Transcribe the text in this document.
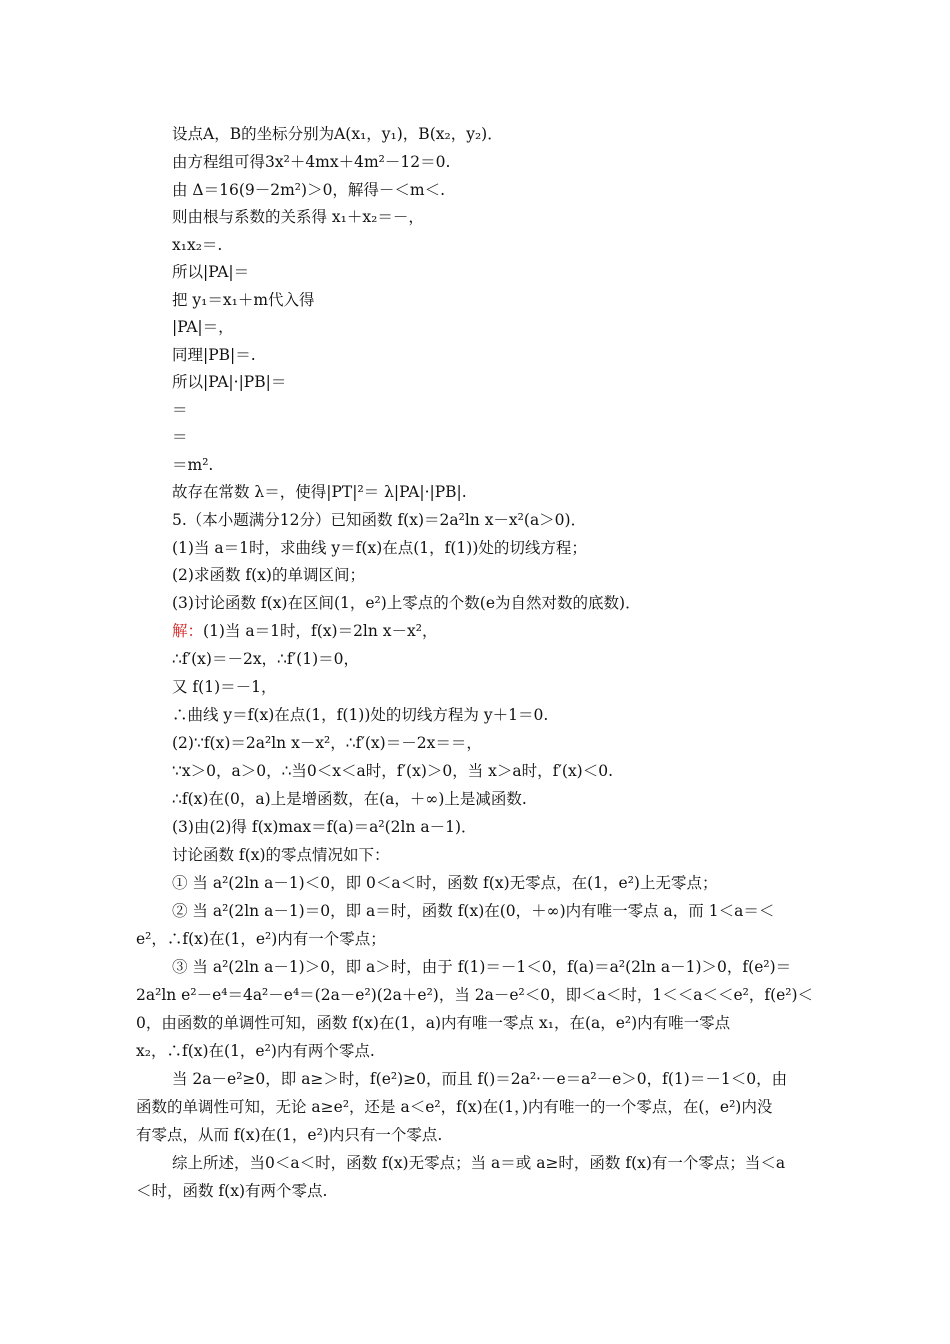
设点A，B的坐标分别为A(x₁，y₁)，B(x₂，y₂)．
由方程组可得3x²＋4mx＋4m²－12＝0.
由 Δ＝16(9－2m²)＞0，解得－＜m＜.
则由根与系数的关系得 x₁＋x₂＝－，
x₁x₂＝.
所以|PA|＝
把 y₁＝x₁＋m代入得
|PA|＝，
同理|PB|＝.
所以|PA|·|PB|＝
＝
＝
＝m².
故存在常数 λ＝，使得|PT|²＝ λ|PA|·|PB|.
5.（本小题满分12分）已知函数 f(x)＝2a²ln x－x²(a＞0)．
(1)当 a＝1时，求曲线 y＝f(x)在点(1，f(1))处的切线方程；
(2)求函数 f(x)的单调区间；
(3)讨论函数 f(x)在区间(1，e²)上零点的个数(e为自然对数的底数)．
解：(1)当 a＝1时，f(x)＝2ln x－x²，
∴f′(x)＝－2x，∴f′(1)＝0，
又 f(1)＝－1，
∴曲线 y＝f(x)在点(1，f(1))处的切线方程为 y＋1＝0.
(2)∵f(x)＝2a²ln x－x²，∴f′(x)＝－2x＝＝，
∵x＞0，a＞0，∴当0＜x＜a时，f′(x)＞0，当 x＞a时，f′(x)＜0.
∴f(x)在(0，a)上是增函数，在(a，＋∞)上是减函数.
(3)由(2)得 f(x)max＝f(a)＝a²(2ln a－1)．
讨论函数 f(x)的零点情况如下：
① 当 a²(2ln a－1)＜0，即 0＜a＜时，函数 f(x)无零点，在(1，e²)上无零点；
② 当 a²(2ln a－1)＝0，即 a＝时，函数 f(x)在(0，＋∞)内有唯一零点 a，而 1＜a＝＜
e²，∴f(x)在(1，e²)内有一个零点；
③ 当 a²(2ln a－1)＞0，即 a＞时，由于 f(1)＝－1＜0，f(a)＝a²(2ln a－1)＞0，f(e²)＝
2a²ln e²－e⁴＝4a²－e⁴＝(2a－e²)(2a＋e²)，当 2a－e²＜0，即＜a＜时，1＜＜a＜＜e²，f(e²)＜
0，由函数的单调性可知，函数 f(x)在(1，a)内有唯一零点 x₁，在(a，e²)内有唯一零点
x₂，∴f(x)在(1，e²)内有两个零点.
当 2a－e²≥0，即 a≥＞时，f(e²)≥0，而且 f()＝2a²·－e＝a²－e＞0，f(1)＝－1＜0，由
函数的单调性可知，无论 a≥e²，还是 a＜e²，f(x)在(1，)内有唯一的一个零点，在(，e²)内没
有零点，从而 f(x)在(1，e²)内只有一个零点.
综上所述，当0＜a＜时，函数 f(x)无零点；当 a＝或 a≥时，函数 f(x)有一个零点；当＜a
＜时，函数 f(x)有两个零点.
